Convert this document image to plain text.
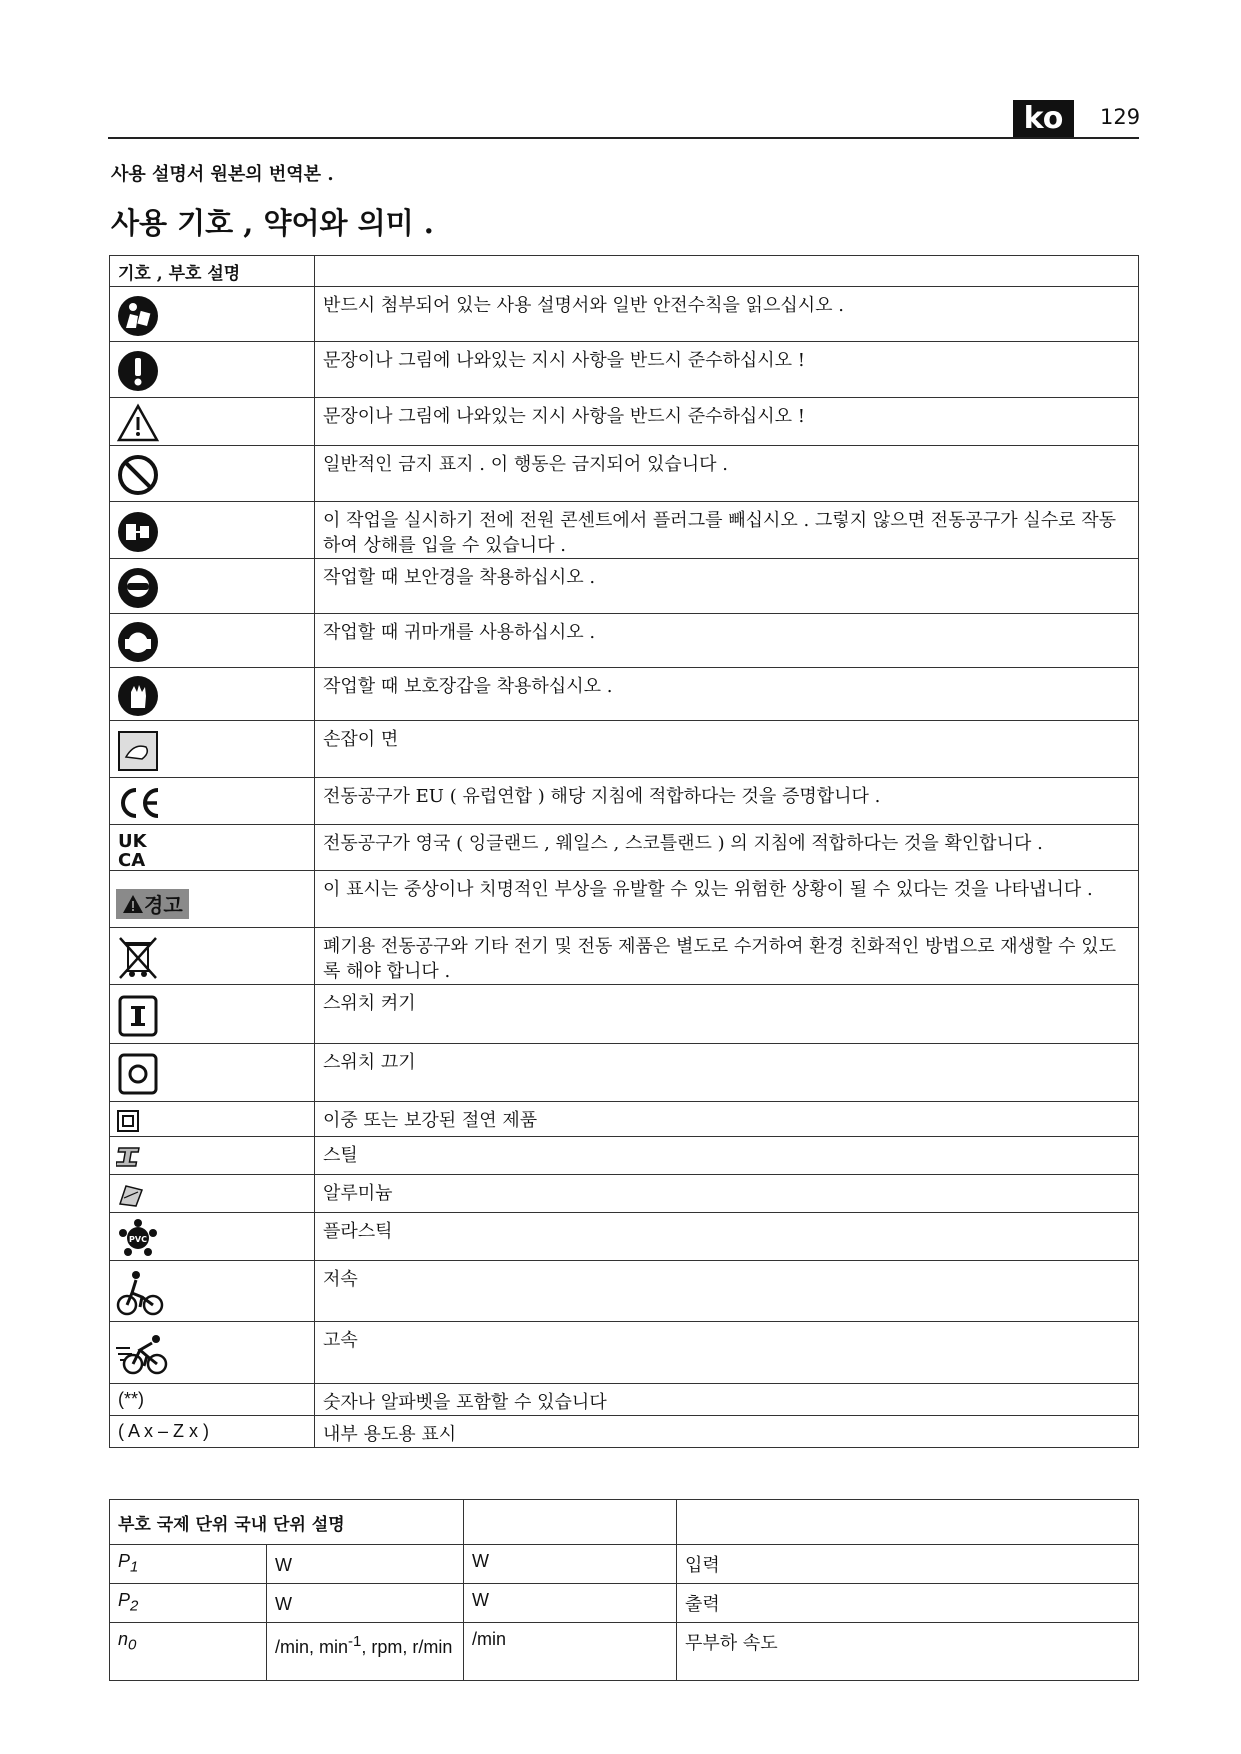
ko	129
사용 설명서 원본의 번역본 .
사용 기호 , 약어와 의미 .
기호 , 부호 설명	

	반드시 첨부되어 있는 사용 설명서와 일반 안전수칙을 읽으십시오 .

	문장이나 그림에 나와있는 지시 사항을 반드시 준수하십시오 !

	문장이나 그림에 나와있는 지시 사항을 반드시 준수하십시오 !

	일반적인 금지 표지 . 이 행동은 금지되어 있습니다 .

	이 작업을 실시하기 전에 전원 콘센트에서 플러그를 빼십시오 . 그렇지 않으면 전동공구가 실수로 작동하여 상해를 입을 수 있습니다 .

	작업할 때 보안경을 착용하십시오 .

	작업할 때 귀마개를 사용하십시오 .

	작업할 때 보호장갑을 착용하십시오 .

	손잡이 면

	전동공구가 EU ( 유럽연합 ) 해당 지침에 적합하다는 것을 증명합니다 .

UK
CA	전동공구가 영국 ( 잉글랜드 , 웨일스 , 스코틀랜드 ) 의 지침에 적합하다는 것을 확인합니다 .

경고	이 표시는 중상이나 치명적인 부상을 유발할 수 있는 위험한 상황이 될 수 있다는 것을 나타냅니다 .

	폐기용 전동공구와 기타 전기 및 전동 제품은 별도로 수거하여 환경 친화적인 방법으로 재생할 수 있도록 해야 합니다 .

	스위치 켜기

	스위치 끄기

	이중 또는 보강된 절연 제품

	스틸

	알루미늄

PVC	플라스틱

	저속

	고속
(**)	숫자나 알파벳을 포함할 수 있습니다
( A x – Z x )	내부 용도용 표시
부호 국제 단위 국내 단위 설명			
$P_1$	W	W	입력
$P_2$	W	W	출력
$n_0$	/min, $\min^{-1}$, rpm, r/min	/min	무부하 속도
